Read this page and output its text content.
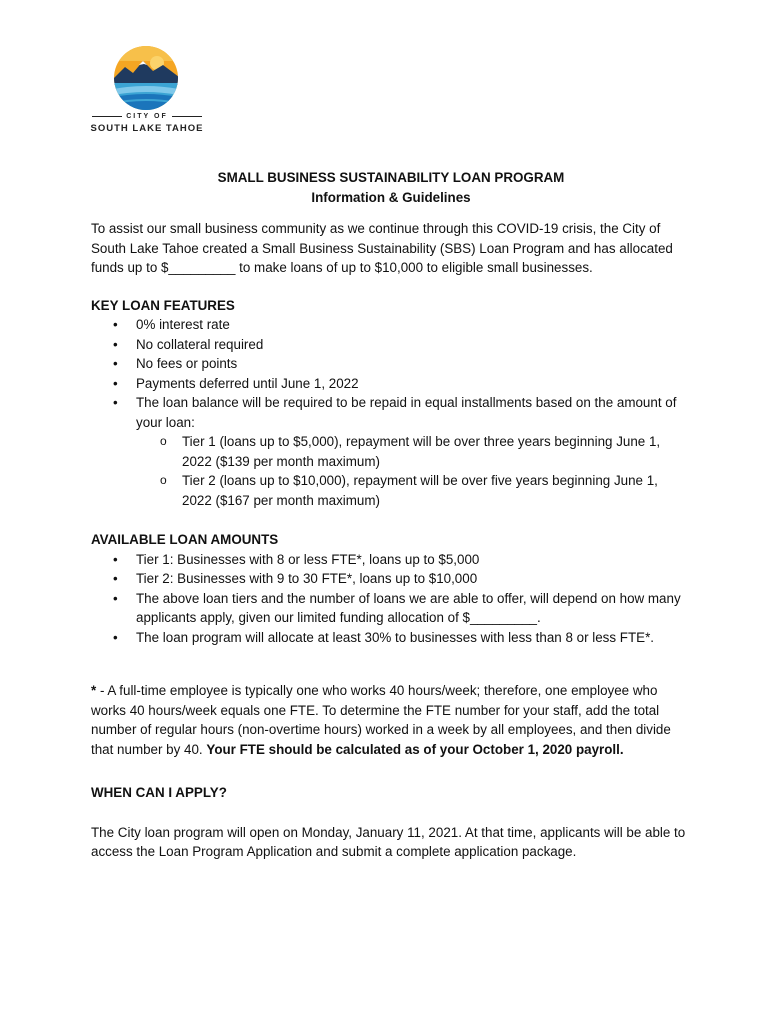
CITY OF
SOUTH LAKE TAHOE
SMALL BUSINESS SUSTAINABILITY LOAN PROGRAM
Information & Guidelines

To assist our small business community as we continue through this COVID-19 crisis, the City of South Lake Tahoe created a Small Business Sustainability (SBS) Loan Program and has allocated funds up to $_________ to make loans of up to $10,000 to eligible small businesses.

KEY LOAN FEATURES
• 0% interest rate
• No collateral required
• No fees or points
• Payments deferred until June 1, 2022
• The loan balance will be required to be repaid in equal installments based on the amount of your loan:
o Tier 1 (loans up to $5,000), repayment will be over three years beginning June 1, 2022 ($139 per month maximum)
o Tier 2 (loans up to $10,000), repayment will be over five years beginning June 1, 2022 ($167 per month maximum)
AVAILABLE LOAN AMOUNTS
• Tier 1: Businesses with 8 or less FTE*, loans up to $5,000
• Tier 2: Businesses with 9 to 30 FTE*, loans up to $10,000
• The above loan tiers and the number of loans we are able to offer, will depend on how many applicants apply, given our limited funding allocation of $_________.
• The loan program will allocate at least 30% to businesses with less than 8 or less FTE*.

* - A full-time employee is typically one who works 40 hours/week; therefore, one employee who works 40 hours/week equals one FTE. To determine the FTE number for your staff, add the total number of regular hours (non-overtime hours) worked in a week by all employees, and then divide that number by 40. Your FTE should be calculated as of your October 1, 2020 payroll.

WHEN CAN I APPLY?

The City loan program will open on Monday, January 11, 2021. At that time, applicants will be able to access the Loan Program Application and submit a complete application package.
